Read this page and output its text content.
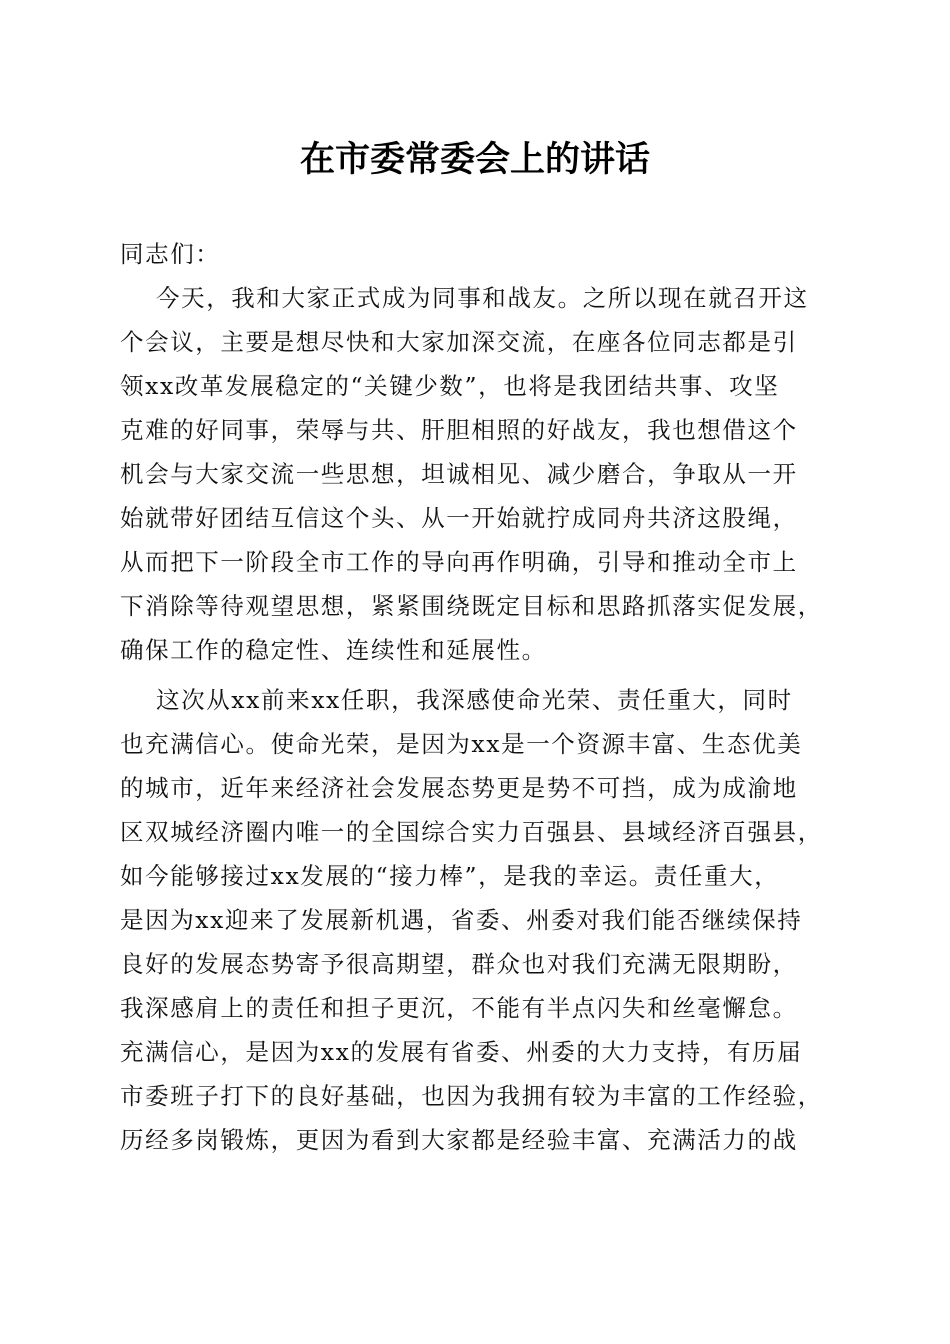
在市委常委会上的讲话
同志们：
今天，我和大家正式成为同事和战友。之所以现在就召开这
个会议，主要是想尽快和大家加深交流，在座各位同志都是引
领xx改革发展稳定的“关键少数”，也将是我团结共事、攻坚
克难的好同事，荣辱与共、肝胆相照的好战友，我也想借这个
机会与大家交流一些思想，坦诚相见、减少磨合，争取从一开
始就带好团结互信这个头、从一开始就拧成同舟共济这股绳，
从而把下一阶段全市工作的导向再作明确，引导和推动全市上
下消除等待观望思想，紧紧围绕既定目标和思路抓落实促发展，
确保工作的稳定性、连续性和延展性。
这次从xx前来xx任职，我深感使命光荣、责任重大，同时
也充满信心。使命光荣，是因为xx是一个资源丰富、生态优美
的城市，近年来经济社会发展态势更是势不可挡，成为成渝地
区双城经济圈内唯一的全国综合实力百强县、县域经济百强县，
如今能够接过xx发展的“接力棒”，是我的幸运。责任重大，
是因为xx迎来了发展新机遇，省委、州委对我们能否继续保持
良好的发展态势寄予很高期望，群众也对我们充满无限期盼，
我深感肩上的责任和担子更沉，不能有半点闪失和丝毫懈怠。
充满信心，是因为xx的发展有省委、州委的大力支持，有历届
市委班子打下的良好基础，也因为我拥有较为丰富的工作经验，
历经多岗锻炼，更因为看到大家都是经验丰富、充满活力的战
